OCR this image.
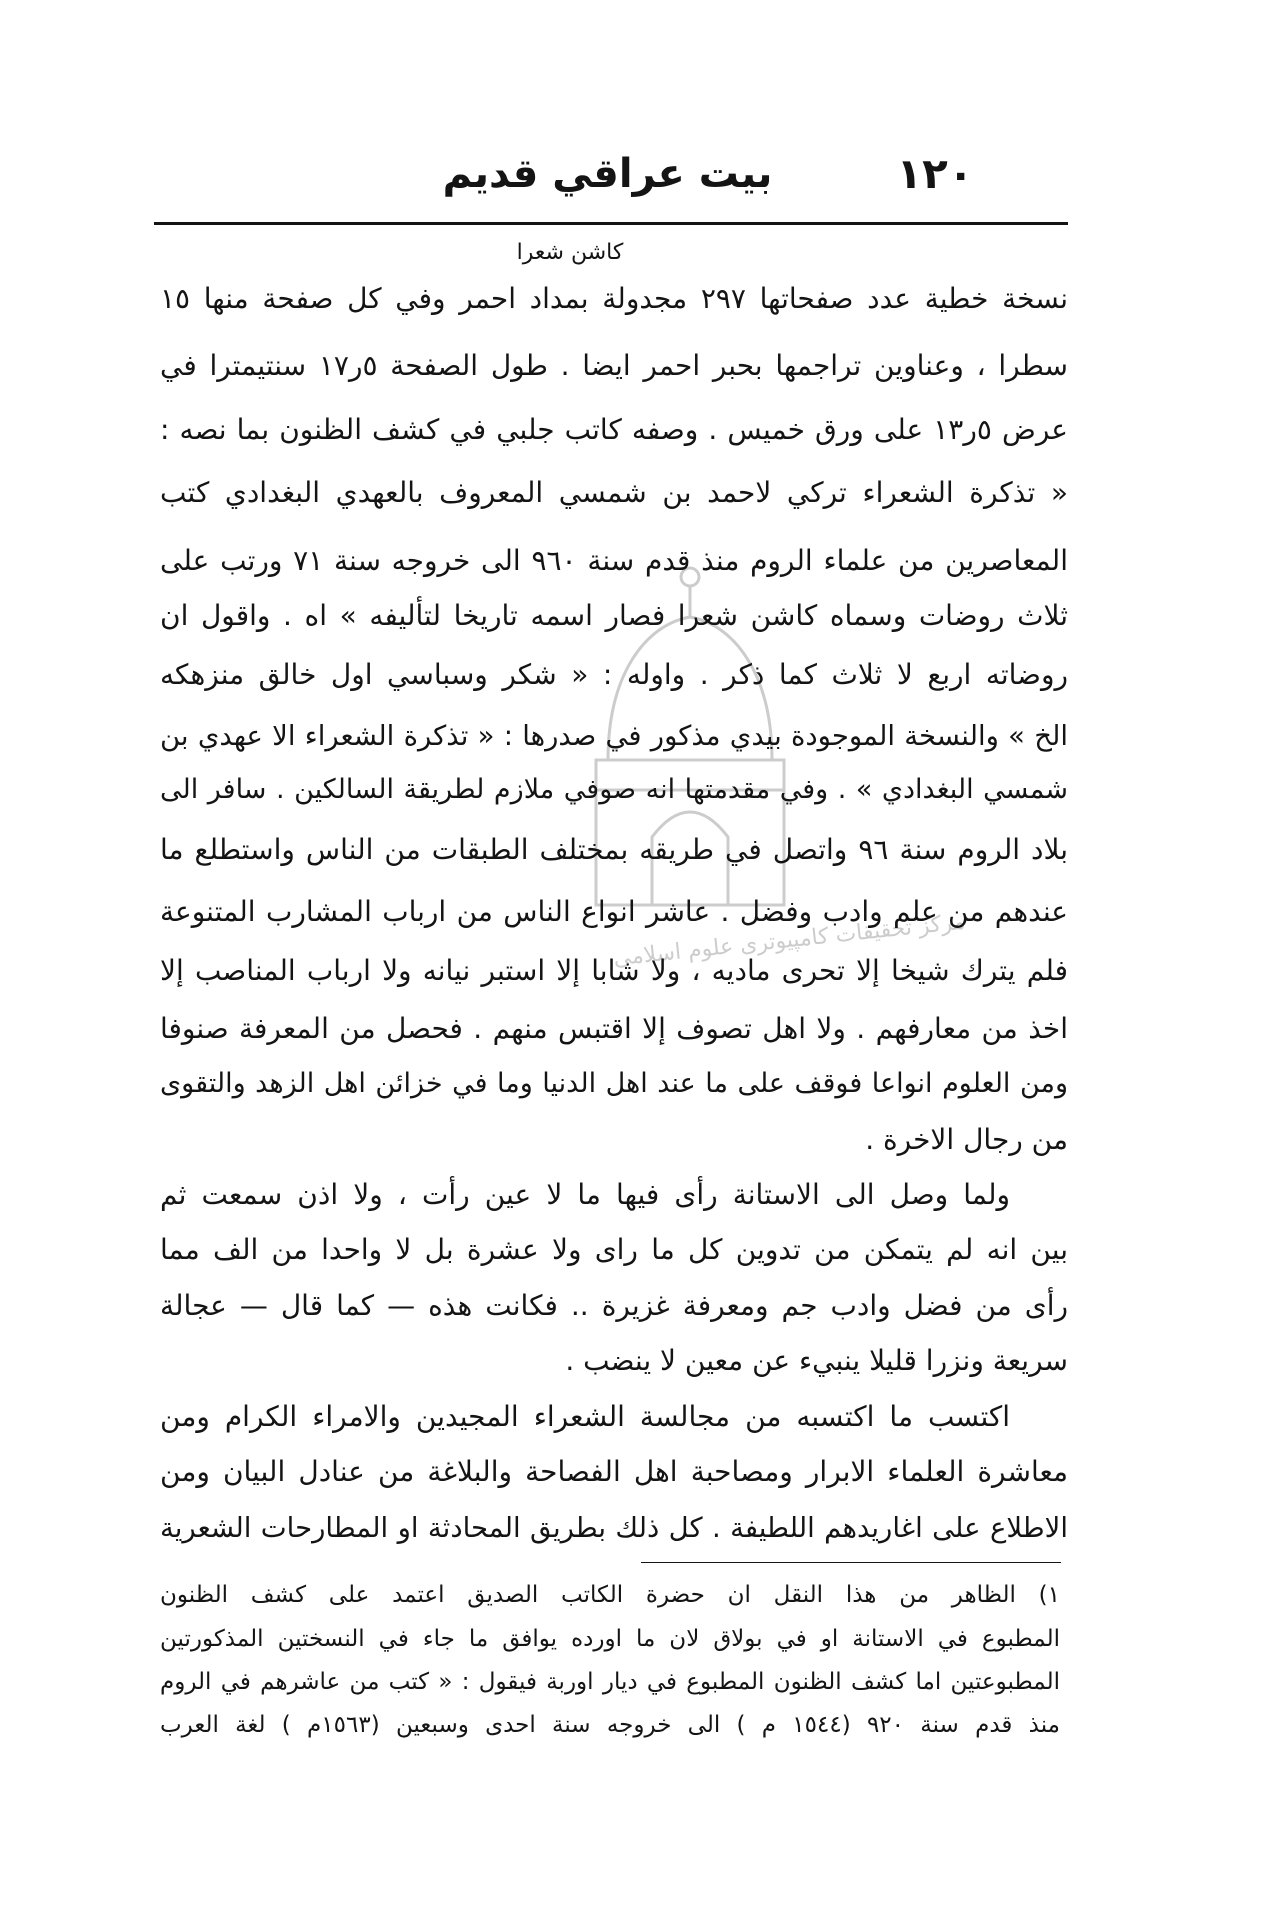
مرکز تحقیقات کامپیوتری علوم اسلامی
١٢٠
بيت عراقي قديم
كاشن شعرا
نسخة خطية عدد صفحاتها ٢٩٧ مجدولة بمداد احمر وفي كل صفحة منها ١٥
سطرا ، وعناوين تراجمها بحبر احمر ايضا . طول الصفحة ٥ر١٧ سنتيمترا في
عرض ٥ر١٣ على ورق خميس . وصفه كاتب جلبي في كشف الظنون بما نصه :
« تذكرة الشعراء تركي لاحمد بن شمسي المعروف بالعهدي البغدادي كتب
المعاصرين من علماء الروم منذ قدم سنة ٩٦٠ الى خروجه سنة ٧١ ورتب على
ثلاث روضات وسماه كاشن شعرا فصار اسمه تاريخا لتأليفه » اه . واقول ان
روضاته اربع لا ثلاث كما ذكر . واوله : « شكر وسباسي اول خالق منزهكه
الخ » والنسخة الموجودة بيدي مذكور في صدرها : « تذكرة الشعراء الا عهدي بن
شمسي البغدادي » . وفي مقدمتها انه صوفي ملازم لطريقة السالكين . سافر الى
بلاد الروم سنة ٩٦ واتصل في طريقه بمختلف الطبقات من الناس واستطلع ما
عندهم من علم وادب وفضل . عاشر انواع الناس من ارباب المشارب المتنوعة
فلم يترك شيخا إلا تحرى ماديه ، ولا شابا إلا استبر نيانه ولا ارباب المناصب إلا
اخذ من معارفهم . ولا اهل تصوف إلا اقتبس منهم . فحصل من المعرفة صنوفا
ومن العلوم انواعا فوقف على ما عند اهل الدنيا وما في خزائن اهل الزهد والتقوى
من رجال الاخرة .
ولما وصل الى الاستانة رأى فيها ما لا عين رأت ، ولا اذن سمعت ثم
بين انه لم يتمكن من تدوين كل ما راى ولا عشرة بل لا واحدا من الف مما
رأى من فضل وادب جم ومعرفة غزيرة .. فكانت هذه — كما قال — عجالة
سريعة ونزرا قليلا ينبيء عن معين لا ينضب .
اكتسب ما اكتسبه من مجالسة الشعراء المجيدين والامراء الكرام ومن
معاشرة العلماء الابرار ومصاحبة اهل الفصاحة والبلاغة من عنادل البيان ومن
الاطلاع على اغاريدهم اللطيفة . كل ذلك بطريق المحادثة او المطارحات الشعرية
١) الظاهر من هذا النقل ان حضرة الكاتب الصديق اعتمد على كشف الظنون
المطبوع في الاستانة او في بولاق لان ما اورده يوافق ما جاء في النسختين المذكورتين
المطبوعتين اما كشف الظنون المطبوع في ديار اوربة فيقول : « كتب من عاشرهم في الروم
منذ قدم سنة ٩٢٠ (١٥٤٤ م ) الى خروجه سنة احدى وسبعين (١٥٦٣م ) لغة العرب
